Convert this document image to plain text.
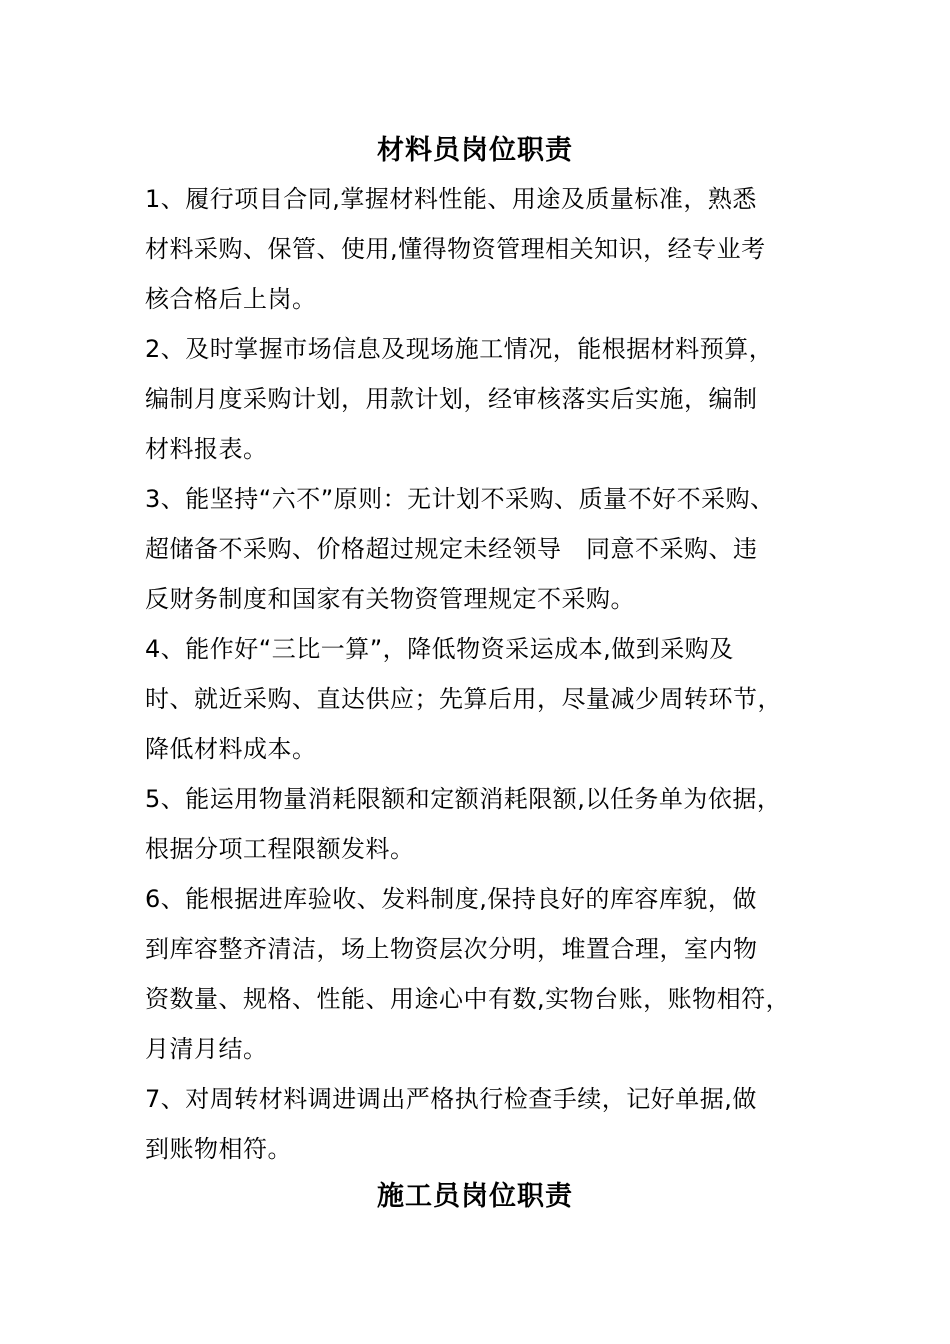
材料员岗位职责
1、履行项目合同,掌握材料性能、用途及质量标准，熟悉
材料采购、保管、使用,懂得物资管理相关知识，经专业考
核合格后上岗。
2、及时掌握市场信息及现场施工情况，能根据材料预算，
编制月度采购计划，用款计划，经审核落实后实施，编制
材料报表。
3、能坚持“六不”原则：无计划不采购、质量不好不采购、
超储备不采购、价格超过规定未经领导　同意不采购、违
反财务制度和国家有关物资管理规定不采购。
4、能作好“三比一算”，降低物资采运成本,做到采购及
时、就近采购、直达供应；先算后用，尽量减少周转环节，
降低材料成本。
5、能运用物量消耗限额和定额消耗限额,以任务单为依据，
根据分项工程限额发料。
6、能根据进库验收、发料制度,保持良好的库容库貌，做
到库容整齐清洁，场上物资层次分明，堆置合理，室内物
资数量、规格、性能、用途心中有数,实物台账，账物相符，
月清月结。
7、对周转材料调进调出严格执行检查手续，记好单据,做
到账物相符。
施工员岗位职责
